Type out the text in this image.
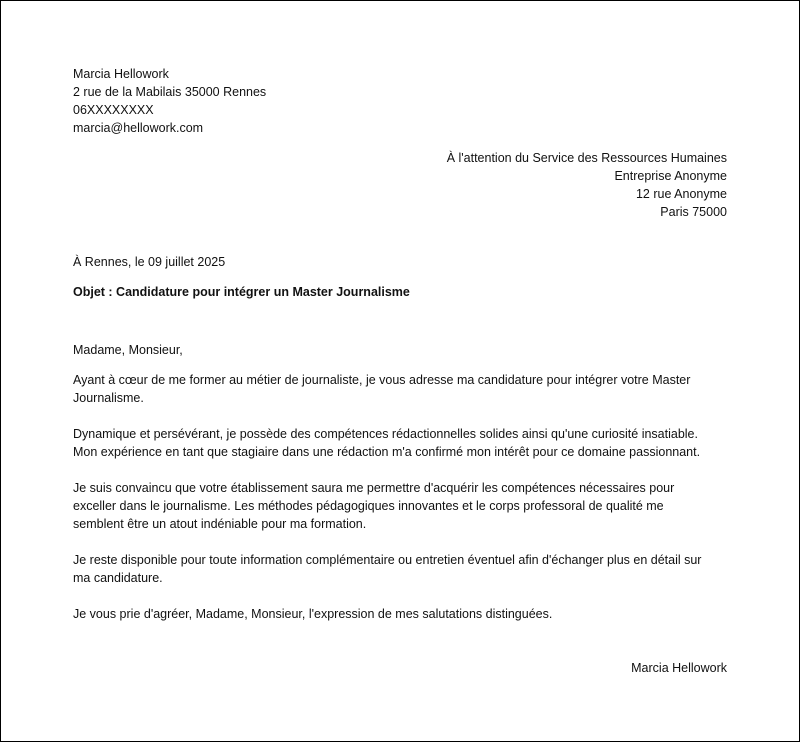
Marcia Hellowork
2 rue de la Mabilais 35000 Rennes
06XXXXXXXX
marcia@hellowork.com
À l'attention du Service des Ressources Humaines
Entreprise Anonyme
12 rue Anonyme
Paris 75000
À Rennes, le 09 juillet 2025
Objet : Candidature pour intégrer un Master Journalisme
Madame, Monsieur,
Ayant à cœur de me former au métier de journaliste, je vous adresse ma candidature pour intégrer votre Master
Journalisme.
Dynamique et persévérant, je possède des compétences rédactionnelles solides ainsi qu'une curiosité insatiable.
Mon expérience en tant que stagiaire dans une rédaction m'a confirmé mon intérêt pour ce domaine passionnant.
Je suis convaincu que votre établissement saura me permettre d'acquérir les compétences nécessaires pour
exceller dans le journalisme. Les méthodes pédagogiques innovantes et le corps professoral de qualité me
semblent être un atout indéniable pour ma formation.
Je reste disponible pour toute information complémentaire ou entretien éventuel afin d'échanger plus en détail sur
ma candidature.
Je vous prie d'agréer, Madame, Monsieur, l'expression de mes salutations distinguées.
Marcia Hellowork
